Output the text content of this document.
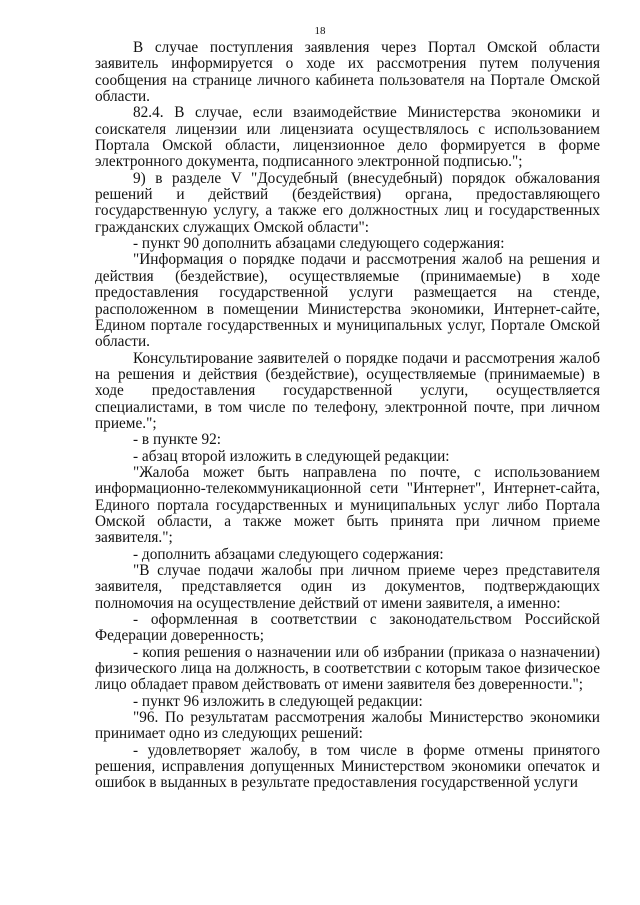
18

В случае поступления заявления через Портал Омской области заявитель информируется о ходе их рассмотрения путем получения сообщения на странице личного кабинета пользователя на Портале Омской области.

82.4. В случае, если взаимодействие Министерства экономики и соискателя лицензии или лицензиата осуществлялось с использованием Портала Омской области, лицензионное дело формируется в форме электронного документа, подписанного электронной подписью.";

9) в разделе V "Досудебный (внесудебный) порядок обжалования решений и действий (бездействия) органа, предоставляющего государственную услугу, а также его должностных лиц и государственных гражданских служащих Омской области":

- пункт 90 дополнить абзацами следующего содержания:

"Информация о порядке подачи и рассмотрения жалоб на решения и действия (бездействие), осуществляемые (принимаемые) в ходе предоставления государственной услуги размещается на стенде, расположенном в помещении Министерства экономики, Интернет-сайте, Едином портале государственных и муниципальных услуг, Портале Омской области.

Консультирование заявителей о порядке подачи и рассмотрения жалоб на решения и действия (бездействие), осуществляемые (принимаемые) в ходе предоставления государственной услуги, осуществляется специалистами, в том числе по телефону, электронной почте, при личном приеме.";

- в пункте 92:

- абзац второй изложить в следующей редакции:

"Жалоба может быть направлена по почте, с использованием информационно-телекоммуникационной сети "Интернет", Интернет-сайта, Единого портала государственных и муниципальных услуг либо Портала Омской области, а также может быть принята при личном приеме заявителя.";

- дополнить абзацами следующего содержания:

"В случае подачи жалобы при личном приеме через представителя заявителя, представляется один из документов, подтверждающих полномочия на осуществление действий от имени заявителя, а именно:

- оформленная в соответствии с законодательством Российской Федерации доверенность;

- копия решения о назначении или об избрании (приказа о назначении) физического лица на должность, в соответствии с которым такое физическое лицо обладает правом действовать от имени заявителя без доверенности.";

- пункт 96 изложить в следующей редакции:

"96. По результатам рассмотрения жалобы Министерство экономики принимает одно из следующих решений:

- удовлетворяет жалобу, в том числе в форме отмены принятого решения, исправления допущенных Министерством экономики опечаток и ошибок в выданных в результате предоставления государственной услуги
